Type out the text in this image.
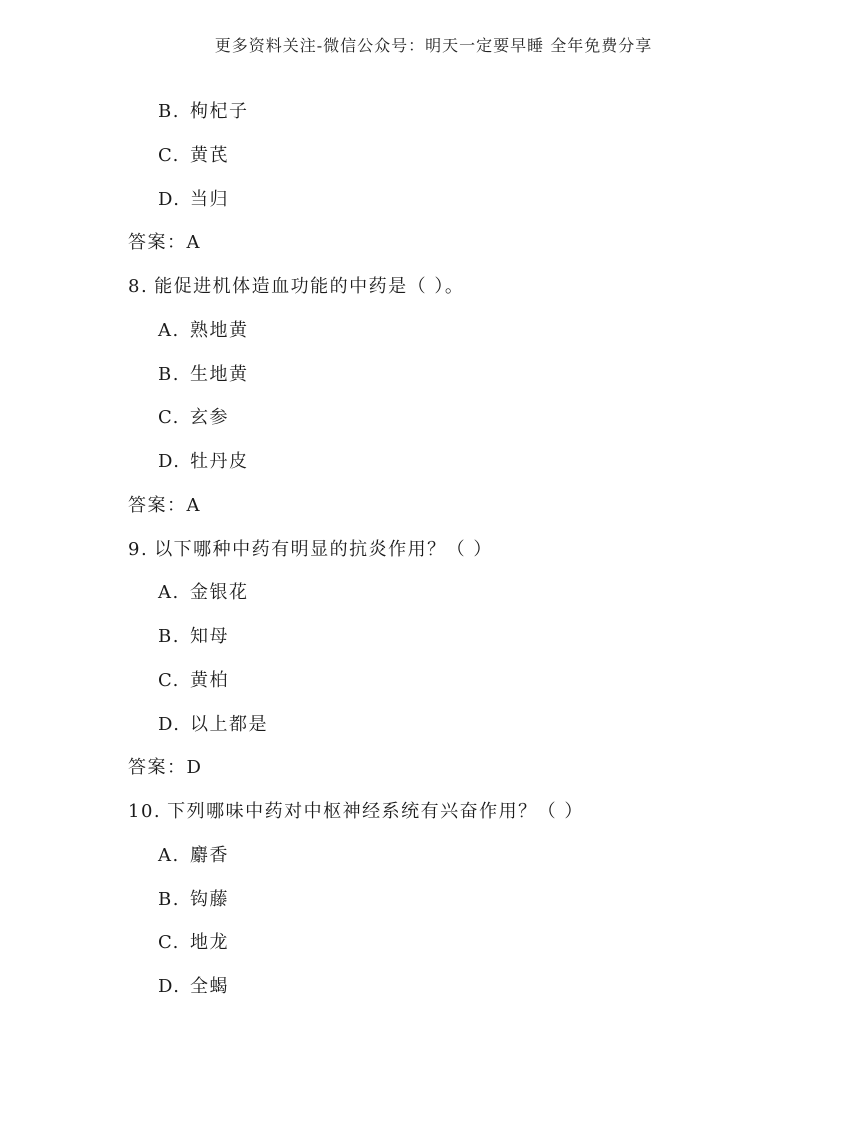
更多资料关注-微信公众号：明天一定要早睡 全年免费分享
B. 枸杞子
C. 黄芪
D. 当归
答案：A
8. 能促进机体造血功能的中药是（ ）。
A. 熟地黄
B. 生地黄
C. 玄参
D. 牡丹皮
答案：A
9. 以下哪种中药有明显的抗炎作用？（ ）
A. 金银花
B. 知母
C. 黄柏
D. 以上都是
答案：D
10. 下列哪味中药对中枢神经系统有兴奋作用？（ ）
A. 麝香
B. 钩藤
C. 地龙
D. 全蝎
